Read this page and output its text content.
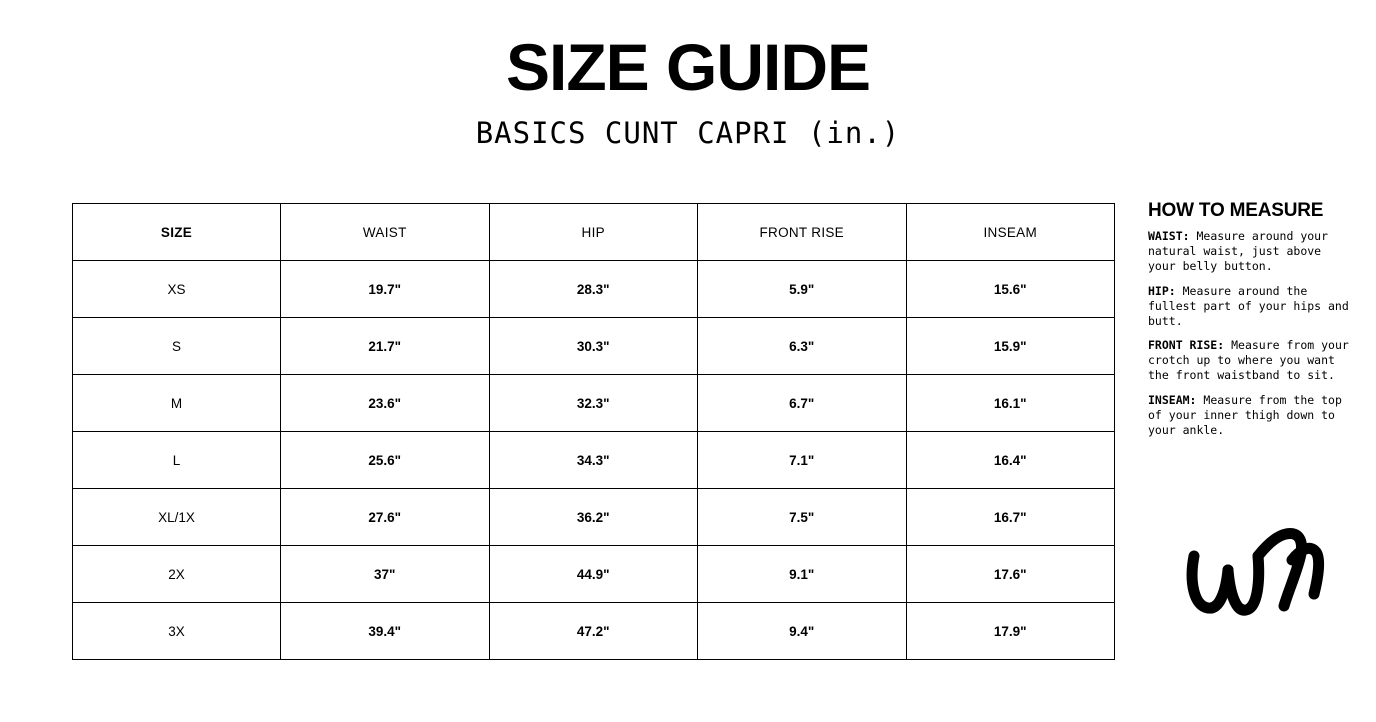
SIZE GUIDE
BASICS CUNT CAPRI (in.)
SIZE	WAIST	HIP	FRONT RISE	INSEAM
XS	19.7"	28.3"	5.9"	15.6"
S	21.7"	30.3"	6.3"	15.9"
M	23.6"	32.3"	6.7"	16.1"
L	25.6"	34.3"	7.1"	16.4"
XL/1X	27.6"	36.2"	7.5"	16.7"
2X	37"	44.9"	9.1"	17.6"
3X	39.4"	47.2"	9.4"	17.9"
HOW TO MEASURE
WAIST: Measure around your natural waist, just above your belly button.
HIP: Measure around the fullest part of your hips and butt.
FRONT RISE: Measure from your crotch up to where you want the front waistband to sit.
INSEAM: Measure from the top of your inner thigh down to your ankle.
